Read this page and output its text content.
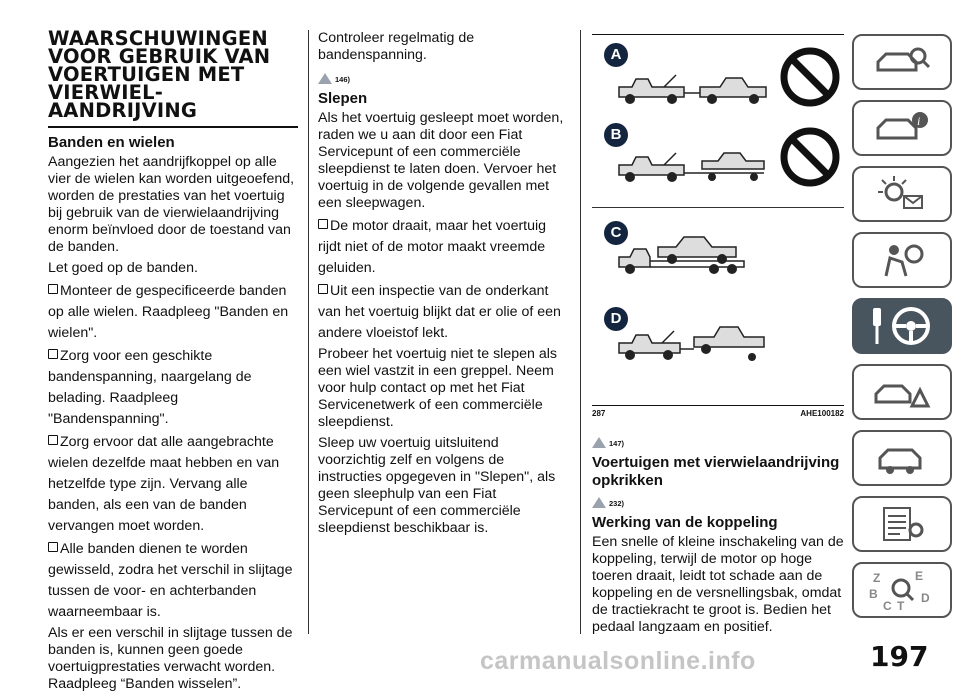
WAARSCHUWINGEN VOOR GEBRUIK VAN VOERTUIGEN MET VIERWIEL-AANDRIJVING
Banden en wielen

Aangezien het aandrijfkoppel op alle vier de wielen kan worden uitgeoefend, worden de prestaties van het voertuig bij gebruik van de vierwielaandrijving enorm beïnvloed door de toestand van de banden.

Let goed op de banden.

Monteer de gespecificeerde banden op alle wielen. Raadpleeg "Banden en wielen".
Zorg voor een geschikte bandenspanning, naargelang de belading. Raadpleeg "Bandenspanning".
Zorg ervoor dat alle aangebrachte wielen dezelfde maat hebben en van hetzelfde type zijn. Vervang alle banden, als een van de banden vervangen moet worden.
Alle banden dienen te worden gewisseld, zodra het verschil in slijtage tussen de voor- en achterbanden waarneembaar is.

Als er een verschil in slijtage tussen de banden is, kunnen geen goede voertuigprestaties verwacht worden. Raadpleeg “Banden wisselen”.

Controleer regelmatig de bandenspanning.

146)
Slepen

Als het voertuig gesleept moet worden, raden we u aan dit door een Fiat Servicepunt of een commerciële sleepdienst te laten doen. Vervoer het voertuig in de volgende gevallen met een sleepwagen.

De motor draait, maar het voertuig rijdt niet of de motor maakt vreemde geluiden.
Uit een inspectie van de onderkant van het voertuig blijkt dat er olie of een andere vloeistof lekt.

Probeer het voertuig niet te slepen als een wiel vastzit in een greppel. Neem voor hulp contact op met het Fiat Servicenetwerk of een commerciële sleepdienst.

Sleep uw voertuig uitsluitend voorzichtig zelf en volgens de instructies opgegeven in "Slepen", als geen sleephulp van een Fiat Servicepunt of een commerciële sleepdienst beschikbaar is.

A
B
C
D
287	AHE100182
147)
Voertuigen met vierwielaandrijving opkrikken
232)
Werking van de koppeling

Een snelle of kleine inschakeling van de koppeling, terwijl de motor op hoge toeren draait, leidt tot schade aan de koppeling en de versnellingsbak, omdat de tractiekracht te groot is. Bedien het pedaal langzaam en positief.

i
Z	E
B	D
C T
197
carmanualsonline.info
